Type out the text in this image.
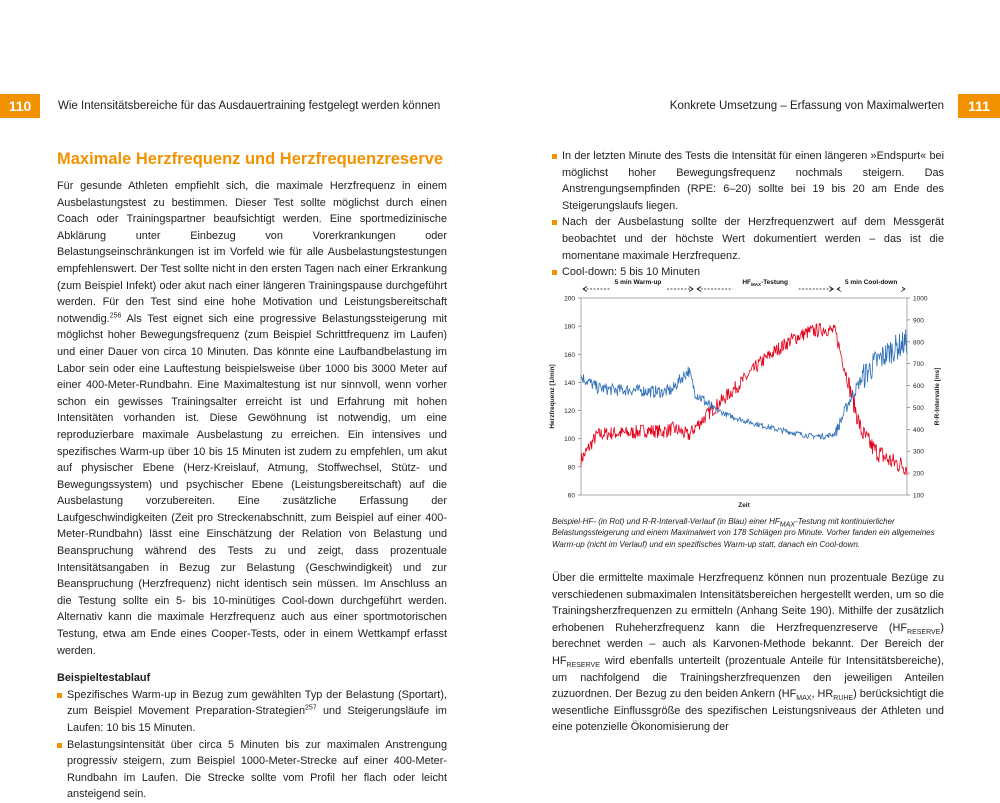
110	Wie Intensitätsbereiche für das Ausdauertraining festgelegt werden können	Konkrete Umsetzung – Erfassung von Maximalwerten	111
Maximale Herzfrequenz und Herzfrequenzreserve

Für gesunde Athleten empfiehlt sich, die maximale Herzfrequenz in einem Ausbelastungstest zu bestimmen. Dieser Test sollte möglichst durch einen Coach oder Trainingspartner beaufsichtigt werden. Eine sportmedizinische Abklärung unter Einbezug von Vorerkrankungen oder Belastungseinschränkungen ist im Vorfeld wie für alle Ausbelastungstestungen empfehlenswert. Der Test sollte nicht in den ersten Tagen nach einer Erkrankung (zum Beispiel Infekt) oder akut nach einer längeren Trainingspause durchgeführt werden. Für den Test sind eine hohe Motivation und Leistungsbereitschaft notwendig.$^{256}$ Als Test eignet sich eine progressive Belastungssteigerung mit möglichst hoher Bewegungsfrequenz (zum Beispiel Schrittfrequenz im Laufen) und einer Dauer von circa 10 Minuten. Das könnte eine Laufbandbelastung im Labor sein oder eine Lauftestung beispielsweise über 1000 bis 3000 Meter auf einer 400-Meter-Rundbahn. Eine Maximaltestung ist nur sinnvoll, wenn vorher schon ein gewisses Trainingsalter erreicht ist und Erfahrung mit hohen Intensitäten vorhanden ist. Diese Gewöhnung ist notwendig, um eine reproduzierbare maximale Ausbelastung zu erreichen. Ein intensives und spezifisches Warm-up über 10 bis 15 Minuten ist zudem zu empfehlen, um akut auf physischer Ebene (Herz-Kreislauf, Atmung, Stoffwechsel, Stütz- und Bewegungssystem) und psychischer Ebene (Leistungsbereitschaft) auf die Ausbelastung vorzubereiten. Eine zusätzliche Erfassung der Laufgeschwindigkeiten (Zeit pro Streckenabschnitt, zum Beispiel auf einer 400-Meter-Rundbahn) lässt eine Einschätzung der Relation von Belastung und Beanspruchung während des Tests zu und zeigt, dass prozentuale Intensitätsangaben in Bezug zur Belastung (Geschwindigkeit) und zur Beanspruchung (Herzfrequenz) nicht identisch sein müssen. Im Anschluss an die Testung sollte ein 5- bis 10-minütiges Cool-down durchgeführt werden. Alternativ kann die maximale Herzfrequenz auch aus einer sportmotorischen Testung, etwa am Ende eines Cooper-Tests, oder in einem Wettkampf erfasst werden.

Beispieltestablauf
Spezifisches Warm-up in Bezug zum gewählten Typ der Belastung (Sportart), zum Beispiel Movement Preparation-Strategien$^{257}$ und Steigerungsläufe im Laufen: 10 bis 15 Minuten.
Belastungsintensität über circa 5 Minuten bis zur maximalen Anstrengung progressiv steigern, zum Beispiel 1000-Meter-Strecke auf einer 400-Meter-Rundbahn im Laufen. Die Strecke sollte vom Profil her flach oder leicht ansteigend sein.
In der letzten Minute des Tests die Intensität für einen längeren »Endspurt« bei möglichst hoher Bewegungsfrequenz nochmals steigern. Das Anstrengungsempfinden (RPE: 6–20) sollte bei 19 bis 20 am Ende des Steigerungslaufs liegen.
Nach der Ausbelastung sollte der Herzfrequenzwert auf dem Messgerät beobachtet und der höchste Wert dokumentiert werden – das ist die momentane maximale Herzfrequenz.
Cool-down: 5 bis 10 Minuten
200
180
160
140
120
100
80
60
1000
900
800
700
600
500
400
300
200
100
Herzfrequenz [1/min]	R-R-Intervalle [ms]
Zeit
5 min Warm-up	$HF_{MAX}$-Testung	5 min Cool-down
Beispiel-HF- (in Rot) und R-R-Intervall-Verlauf (in Blau) einer $HF_{MAX}$-Testung mit kontinuierlicher Belastungssteigerung und einem Maximalwert von 178 Schlägen pro Minute. Vorher fanden ein allgemeines Warm-up (nicht im Verlauf) und ein spezifisches Warm-up statt, danach ein Cool-down.

Über die ermittelte maximale Herzfrequenz können nun prozentuale Bezüge zu verschiedenen submaximalen Intensitätsbereichen hergestellt werden, um so die Trainingsherzfrequenzen zu ermitteln (Anhang Seite 190). Mithilfe der zusätzlich erhobenen Ruheherzfrequenz kann die Herzfrequenzreserve $(HF_{RESERVE})$ berechnet werden – auch als Karvonen-Methode bekannt. Der Bereich der $HF_{RESERVE}$ wird ebenfalls unterteilt (prozentuale Anteile für Intensitätsbereiche), um nachfolgend die Trainingsherzfrequenzen den jeweiligen Anteilen zuzuordnen. Der Bezug zu den beiden Ankern ($HF_{MAX}$, $HR_{RUHE}$) berücksichtigt die wesentliche Einflussgröße des spezifischen Leistungsniveaus der Athleten und eine potenzielle Ökonomisierung der
